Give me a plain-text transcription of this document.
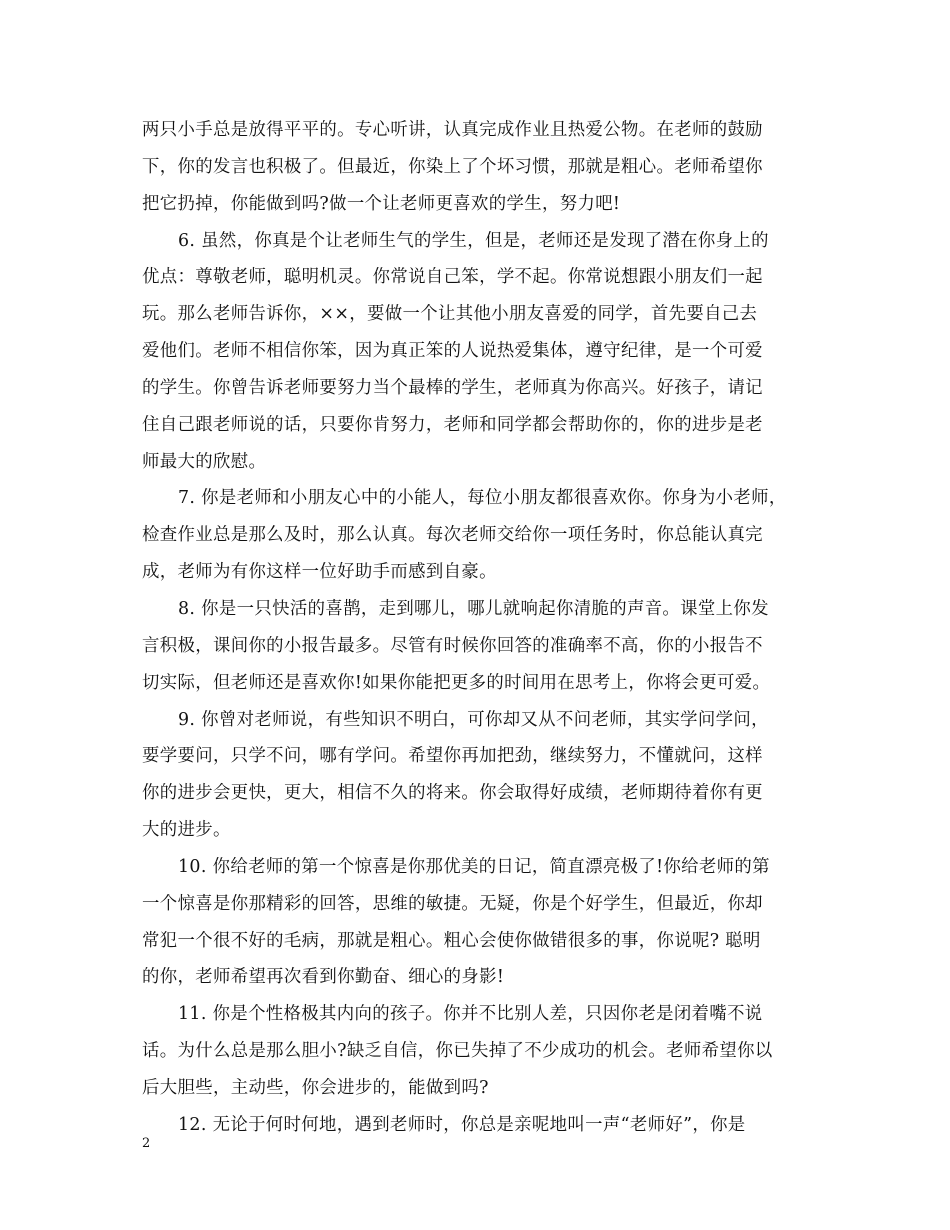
两只小手总是放得平平的。专心听讲，认真完成作业且热爱公物。在老师的鼓励
下，你的发言也积极了。但最近，你染上了个坏习惯，那就是粗心。老师希望你
把它扔掉，你能做到吗?做一个让老师更喜欢的学生，努力吧!
6. 虽然，你真是个让老师生气的学生，但是，老师还是发现了潜在你身上的
优点：尊敬老师，聪明机灵。你常说自己笨，学不起。你常说想跟小朋友们一起
玩。那么老师告诉你，××，要做一个让其他小朋友喜爱的同学，首先要自己去
爱他们。老师不相信你笨，因为真正笨的人说热爱集体，遵守纪律，是一个可爱
的学生。你曾告诉老师要努力当个最棒的学生，老师真为你高兴。好孩子，请记
住自己跟老师说的话，只要你肯努力，老师和同学都会帮助你的，你的进步是老
师最大的欣慰。
7. 你是老师和小朋友心中的小能人，每位小朋友都很喜欢你。你身为小老师，
检查作业总是那么及时，那么认真。每次老师交给你一项任务时，你总能认真完
成，老师为有你这样一位好助手而感到自豪。
8. 你是一只快活的喜鹊，走到哪儿，哪儿就响起你清脆的声音。课堂上你发
言积极，课间你的小报告最多。尽管有时候你回答的准确率不高，你的小报告不
切实际，但老师还是喜欢你!如果你能把更多的时间用在思考上，你将会更可爱。
9. 你曾对老师说，有些知识不明白，可你却又从不问老师，其实学问学问，
要学要问，只学不问，哪有学问。希望你再加把劲，继续努力，不懂就问，这样
你的进步会更快，更大，相信不久的将来。你会取得好成绩，老师期待着你有更
大的进步。
10. 你给老师的第一个惊喜是你那优美的日记，简直漂亮极了!你给老师的第
一个惊喜是你那精彩的回答，思维的敏捷。无疑，你是个好学生，但最近，你却
常犯一个很不好的毛病，那就是粗心。粗心会使你做错很多的事，你说呢? 聪明
的你，老师希望再次看到你勤奋、细心的身影!
11. 你是个性格极其内向的孩子。你并不比别人差，只因你老是闭着嘴不说
话。为什么总是那么胆小?缺乏自信，你已失掉了不少成功的机会。老师希望你以
后大胆些，主动些，你会进步的，能做到吗?
12. 无论于何时何地，遇到老师时，你总是亲呢地叫一声“老师好”，你是
2
